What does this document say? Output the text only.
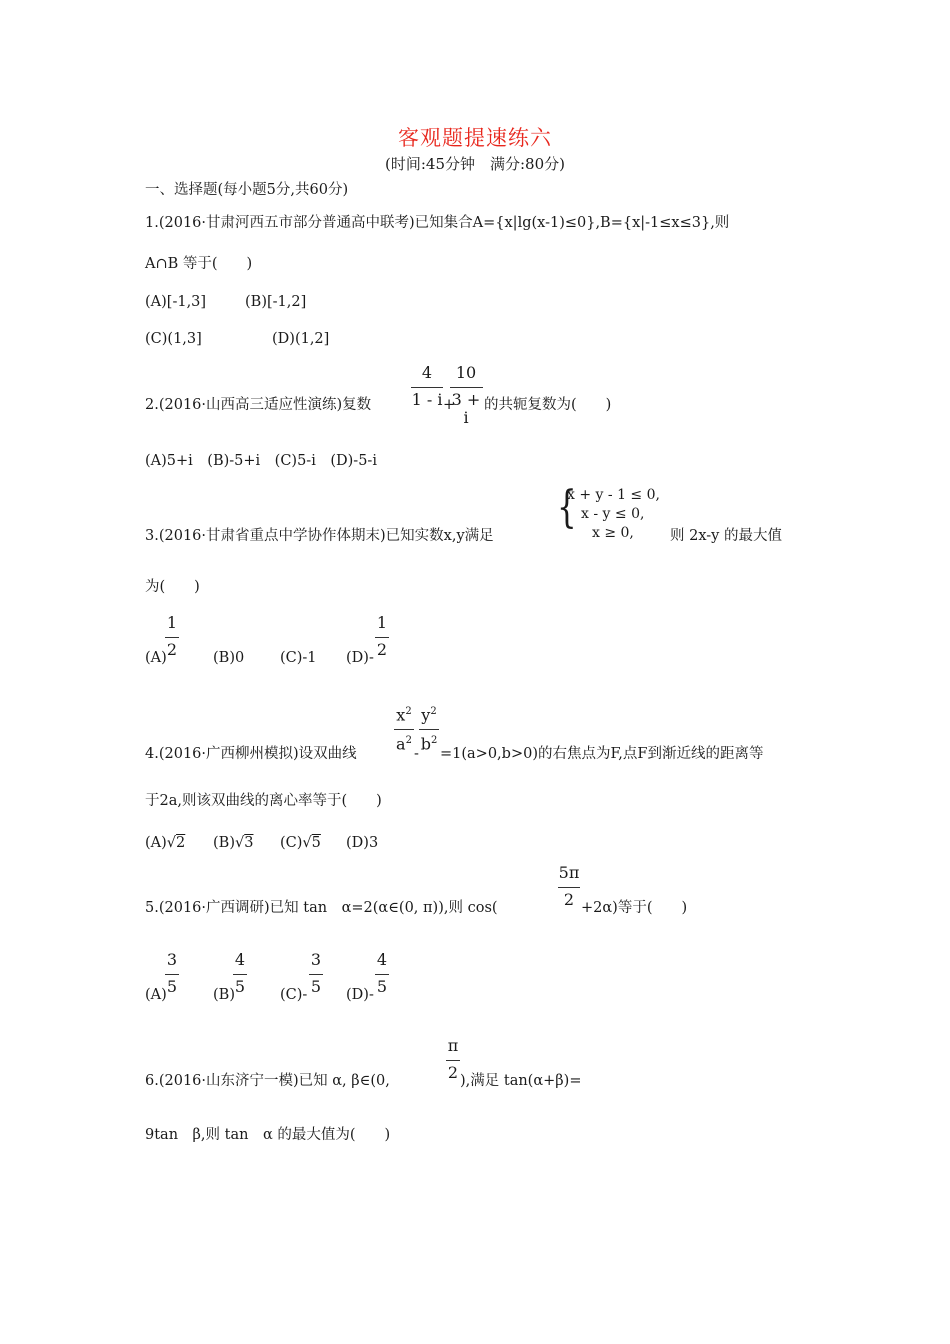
客观题提速练六
(时间:45分钟　满分:80分)
一、选择题(每小题5分,共60分)
1.(2016·甘肃河西五市部分普通高中联考)已知集合A={x|lg(x-1)≤0},B={x|-1≤x≤3},则
A∩B 等于(　　)
(A)[-1,3]	(B)[-1,2]
(C)(1,3]	(D)(1,2]
2.(2016·山西高三适应性演练)复数
4
1 - i +
10
3 + i
的共轭复数为(　　)
(A)5+i　(B)-5+i　(C)5-i　(D)-5-i
3.(2016·甘肃省重点中学协作体期末)已知实数x,y满足
{
x + y - 1 ≤ 0,
x - y ≤ 0,
x ≥ 0, 则 2x-y 的最大值
为(　　)
(A)
1
2 (B)0 (C)-1 (D)-
1
2
4.(2016·广西柳州模拟)设双曲线
$x^2$
$a^2$
-
$y^2$
$b^2$
=1(a>0,b>0)的右焦点为F,点F到渐近线的距离等
于2a,则该双曲线的离心率等于(　　)
(A)√2 (B)√3 (C)√5 (D)3
5.(2016·广西调研)已知 tan　α=2(α∈(0, π)),则 cos(
5π
2 +2α)等于(　　)
(A)
3
5 (B)
4
5 (C)-
3
5 (D)-
4
5
6.(2016·山东济宁一模)已知 α, β∈(0,
π
2 ),满足 tan(α+β)=
9tan　β,则 tan　α 的最大值为(　　)
